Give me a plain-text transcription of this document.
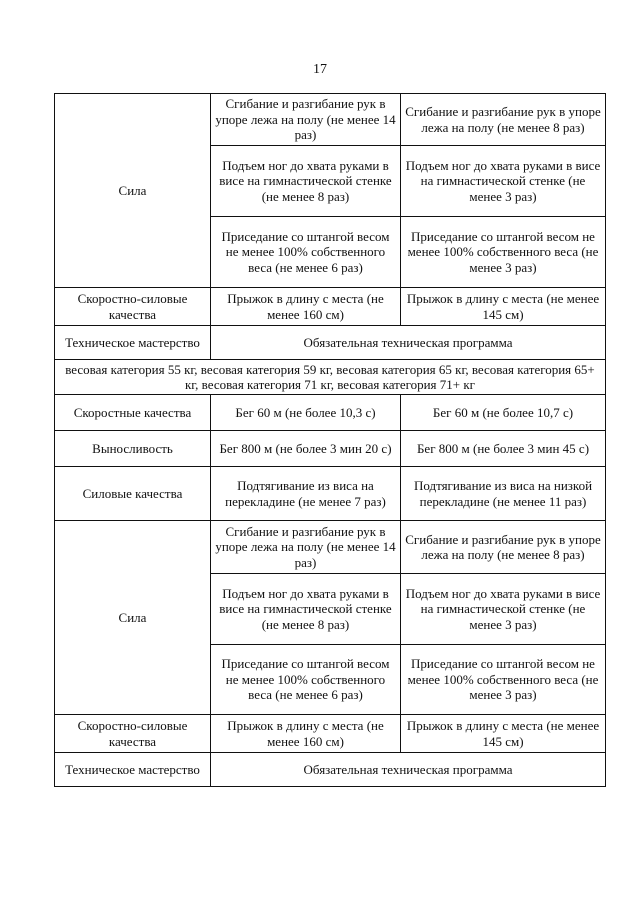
17
Сила	Сгибание и разгибание рук в упоре лежа на полу (не менее 14 раз)	Сгибание и разгибание рук в упоре лежа на полу (не менее 8 раз)
	Подъем ног до хвата руками в висе на гимнастической стенке (не менее 8 раз)	Подъем ног до хвата руками в висе на гимнастической стенке (не менее 3 раз)
	Приседание со штангой весом не менее 100% собственного веса (не менее 6 раз)	Приседание со штангой весом не менее 100% собственного веса (не менее 3 раз)
Скоростно-силовые качества	Прыжок в длину с места (не менее 160 см)	Прыжок в длину с места (не менее 145 см)
Техническое мастерство	Обязательная техническая программа	
весовая категория 55 кг, весовая категория 59 кг, весовая категория 65 кг, весовая категория 65+ кг, весовая категория 71 кг, весовая категория 71+ кг		
Скоростные качества	Бег 60 м (не более 10,3 с)	Бег 60 м (не более 10,7 с)
Выносливость	Бег 800 м (не более 3 мин 20 с)	Бег 800 м (не более 3 мин 45 с)
Силовые качества	Подтягивание из виса на перекладине (не менее 7 раз)	Подтягивание из виса на низкой перекладине (не менее 11 раз)
Сила	Сгибание и разгибание рук в упоре лежа на полу (не менее 14 раз)	Сгибание и разгибание рук в упоре лежа на полу (не менее 8 раз)
	Подъем ног до хвата руками в висе на гимнастической стенке (не менее 8 раз)	Подъем ног до хвата руками в висе на гимнастической стенке (не менее 3 раз)
	Приседание со штангой весом не менее 100% собственного веса (не менее 6 раз)	Приседание со штангой весом не менее 100% собственного веса (не менее 3 раз)
Скоростно-силовые качества	Прыжок в длину с места (не менее 160 см)	Прыжок в длину с места (не менее 145 см)
Техническое мастерство	Обязательная техническая программа	
